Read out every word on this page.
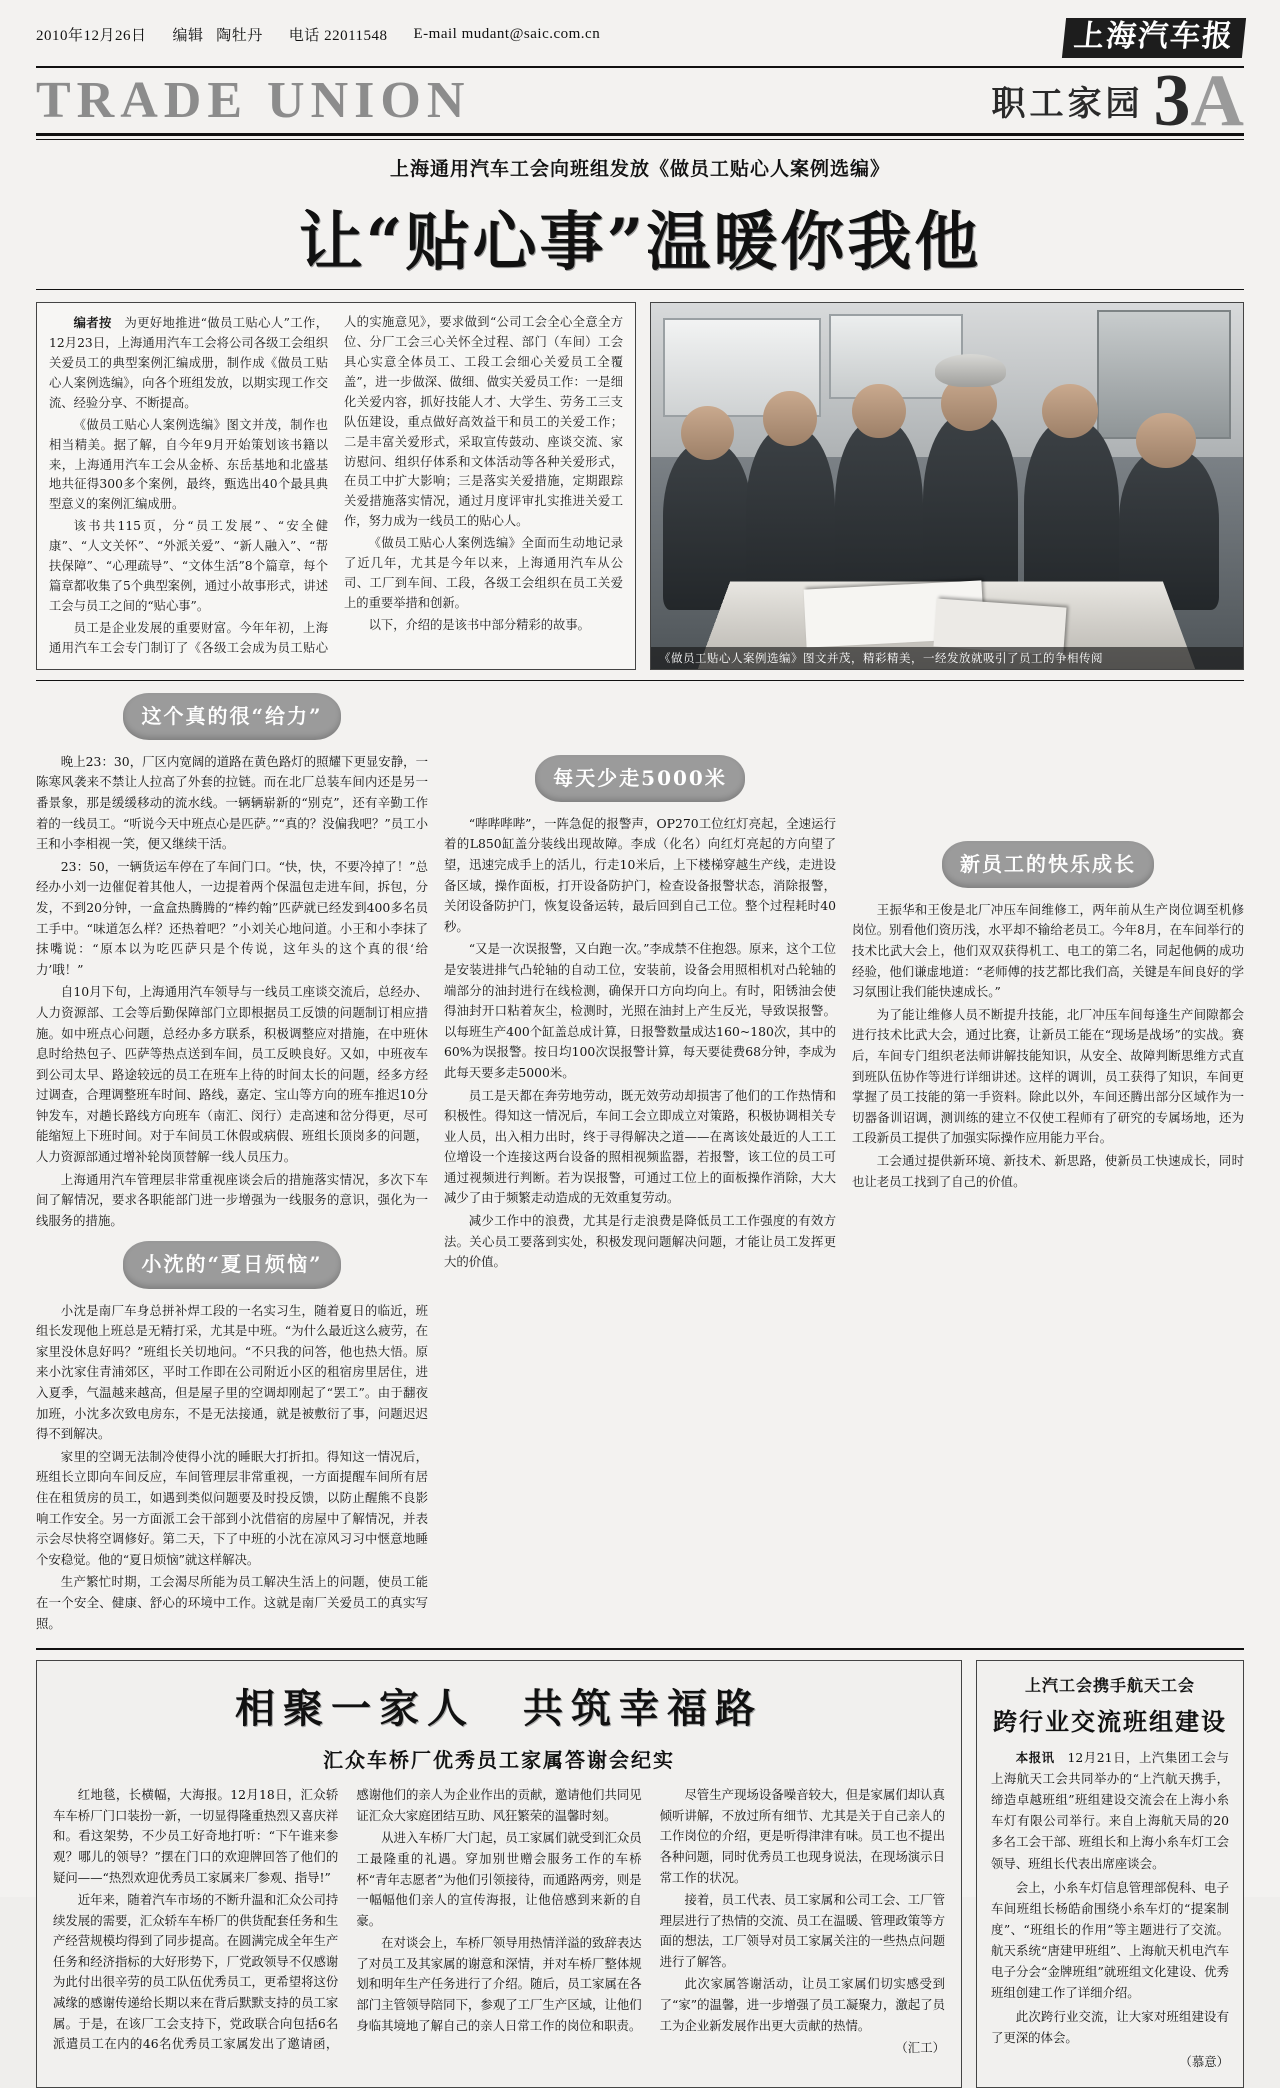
2010年12月26日 编辑 陶牡丹 电话 22011548 E-mail mudant@saic.com.cn	上海汽车报
TRADE UNION	职工家园 3A
上海通用汽车工会向班组发放《做员工贴心人案例选编》
让“贴心事”温暖你我他

编者按　 为更好地推进“做员工贴心人”工作，12月23日，上海通用汽车工会将公司各级工会组织关爱员工的典型案例汇编成册，制作成《做员工贴心人案例选编》，向各个班组发放，以期实现工作交流、经验分享、不断提高。

《做员工贴心人案例选编》图文并茂，制作也相当精美。据了解，自今年9月开始策划该书籍以来，上海通用汽车工会从金桥、东岳基地和北盛基地共征得300多个案例，最终，甄选出40个最具典型意义的案例汇编成册。

该书共115页，分“员工发展”、“安全健康”、“人文关怀”、“外派关爱”、“新人融入”、“帮扶保障”、“心理疏导”、“文体生活”8个篇章，每个篇章都收集了5个典型案例，通过小故事形式，讲述工会与员工之间的“贴心事”。

员工是企业发展的重要财富。今年年初，上海通用汽车工会专门制订了《各级工会成为员工贴心人的实施意见》，要求做到“公司工会全心全意全方位、分厂工会三心关怀全过程、部门（车间）工会具心实意全体员工、工段工会细心关爱员工全覆盖”，进一步做深、做细、做实关爱员工作：一是细化关爱内容，抓好技能人才、大学生、劳务工三支队伍建设，重点做好高效益干和员工的关爱工作；二是丰富关爱形式，采取宣传鼓动、座谈交流、家访慰问、组织仔体系和文体活动等各种关爱形式，在员工中扩大影响；三是落实关爱措施，定期跟踪关爱措施落实情况，通过月度评审扎实推进关爱工作，努力成为一线员工的贴心人。

《做员工贴心人案例选编》全面而生动地记录了近几年，尤其是今年以来，上海通用汽车从公司、工厂到车间、工段，各级工会组织在员工关爱上的重要举措和创新。

以下，介绍的是该书中部分精彩的故事。

《做员工贴心人案例选编》图文并茂，精彩精美，一经发放就吸引了员工的争相传阅
这个真的很“给力”

晚上23：30，厂区内宽阔的道路在黄色路灯的照耀下更显安静，一陈寒风袭来不禁让人拉高了外套的拉链。而在北厂总装车间内还是另一番景象，那是缓缓移动的流水线。一辆辆崭新的“别克”，还有辛勤工作着的一线员工。“听说今天中班点心是匹萨。”“真的？没偏我吧？”员工小王和小李相视一笑，便又继续干活。

23：50，一辆货运车停在了车间门口。“快，快，不要冷掉了！”总经办小刘一边催促着其他人，一边提着两个保温包走进车间，拆包，分发，不到20分钟，一盒盒热腾腾的“棒约翰”匹萨就已经发到400多名员工手中。“味道怎么样？还热着吧？”小刘关心地问道。小王和小李抹了抹嘴说：“原本以为吃匹萨只是个传说，这年头的这个真的很‘给力’哦！”

自10月下旬，上海通用汽车领导与一线员工座谈交流后，总经办、人力资源部、工会等后勤保障部门立即根据员工反馈的问题制订相应措施。如中班点心问题，总经办多方联系，积极调整应对措施，在中班休息时给热包子、匹萨等热点送到车间，员工反映良好。又如，中班夜车到公司太早、路途较远的员工在班车上待的时间太长的问题，经多方经过调查，合理调整班车时间、路线，嘉定、宝山等方向的班车推迟10分钟发车，对趟长路线方向班车（南汇、闵行）走高速和岔分得更，尽可能缩短上下班时间。对于车间员工休假或病假、班组长顶岗多的问题，人力资源部通过增补轮岗顶替解一线人员压力。

上海通用汽车管理层非常重视座谈会后的措施落实情况，多次下车间了解情况，要求各职能部门进一步增强为一线服务的意识，强化为一线服务的措施。

小沈的“夏日烦恼”

小沈是南厂车身总拼补焊工段的一名实习生，随着夏日的临近，班组长发现他上班总是无精打采，尤其是中班。“为什么最近这么疲劳，在家里没休息好吗？”班组长关切地问。“不只我的问答，他也热大悟。原来小沈家住青浦郊区，平时工作即在公司附近小区的租宿房里居住，进入夏季，气温越来越高，但是屋子里的空调却刚起了“罢工”。由于翻夜加班，小沈多次致电房东，不是无法接通，就是被敷衍了事，问题迟迟得不到解决。

家里的空调无法制冷使得小沈的睡眠大打折扣。得知这一情况后，班组长立即向车间反应，车间管理层非常重视，一方面提醒车间所有居住在租赁房的员工，如遇到类似问题要及时投反馈，以防止醒熊不良影响工作安全。另一方面派工会干部到小沈借宿的房屋中了解情况，并表示会尽快将空调修好。第二天，下了中班的小沈在凉风习习中惬意地睡个安稳觉。他的“夏日烦恼”就这样解决。

生产繁忙时期，工会渴尽所能为员工解决生活上的问题，使员工能在一个安全、健康、舒心的环境中工作。这就是南厂关爱员工的真实写照。

每天少走5000米

“哔哔哔哔”，一阵急促的报警声，OP270工位红灯亮起，全速运行着的L850缸盖分装线出现故障。李成（化名）向红灯亮起的方向望了望，迅速完成手上的活儿，行走10米后，上下楼梯穿越生产线，走进设备区域，操作面板，打开设备防护门，检查设备报警状态，消除报警，关闭设备防护门，恢复设备运转，最后回到自己工位。整个过程耗时40秒。

“又是一次误报警，又白跑一次。”李成禁不住抱怨。原来，这个工位是安装进排气凸轮轴的自动工位，安装前，设备会用照相机对凸轮轴的端部分的油封进行在线检测，确保开口方向均向上。有时，阳锈油会使得油封开口粘着灰尘，检测时，光照在油封上产生反光，导致误报警。以每班生产400个缸盖总成计算，日报警数量成达160~180次，其中的60%为误报警。按日均100次误报警计算，每天要徒费68分钟，李成为此每天要多走5000米。

员工是天都在奔劳地劳动，既无效劳动却损害了他们的工作热情和积极性。得知这一情况后，车间工会立即成立对策路，积极协调相关专业人员，出入相力出时，终于寻得解决之道——在离该处最近的人工工位增设一个连接这两台设备的照相视频监器，若报警，该工位的员工可通过视频进行判断。若为误报警，可通过工位上的面板操作消除，大大减少了由于频繁走动造成的无效重复劳动。

减少工作中的浪费，尤其是行走浪费是降低员工工作强度的有效方法。关心员工要落到实处，积极发现问题解决问题，才能让员工发挥更大的价值。

新员工的快乐成长

王振华和王俊是北厂冲压车间维修工，两年前从生产岗位调至机修岗位。别看他们资历浅，水平却不输给老员工。今年8月，在车间举行的技术比武大会上，他们双双获得机工、电工的第二名，同起他俩的成功经验，他们谦虚地道：“老师傅的技艺都比我们高，关键是车间良好的学习氛围让我们能快速成长。”

为了能让维修人员不断提升技能，北厂冲压车间每逢生产间隙都会进行技术比武大会，通过比赛，让新员工能在“现场是战场”的实战。赛后，车间专门组织老法师讲解技能知识，从安全、故障判断思维方式直到班队伍协作等进行详细讲述。这样的调训，员工获得了知识，车间更掌握了员工技能的第一手资料。除此以外，车间还腾出部分区域作为一切器备训诏调，测训练的建立不仅使工程师有了研究的专属场地，还为工段新员工提供了加强实际操作应用能力平台。

工会通过提供新环境、新技术、新思路，使新员工快速成长，同时也让老员工找到了自己的价值。

相聚一家人　共筑幸福路
汇众车桥厂优秀员工家属答谢会纪实

红地毯，长横幅，大海报。12月18日，汇众轿车车桥厂门口装扮一新，一切显得隆重热烈又喜庆祥和。看这架势，不少员工好奇地打听：“下午谁来参观？哪儿的领导？”摆在门口的欢迎牌回答了他们的疑问——“热烈欢迎优秀员工家属来厂参观、指导!”

近年来，随着汽车市场的不断升温和汇众公司持续发展的需要，汇众轿车车桥厂的供货配套任务和生产经营规模均得到了同步提高。在圆满完成全年生产任务和经济指标的大好形势下，厂党政领导不仅感谢为此付出很辛劳的员工队伍优秀员工，更希望将这份减缘的感谢传递给长期以来在背后默默支持的员工家属。于是，在该厂工会支持下，党政联合向包括6名派遣员工在内的46名优秀员工家属发出了邀请函，感谢他们的亲人为企业作出的贡献，邀请他们共同见证汇众大家庭团结互助、风狂繁荣的温馨时刻。

从进入车桥厂大门起，员工家属们就受到汇众员工最隆重的礼遇。穿加别世赠会服务工作的车桥杯“青年志愿者”为他们引领接待，而通路两旁，则是一幅幅他们亲人的宣传海报，让他倍感到来新的自豪。

在对谈会上，车桥厂领导用热情洋溢的致辞表达了对员工及其家属的谢意和深情，并对车桥厂整体规划和明年生产任务进行了介绍。随后，员工家属在各部门主管领导陪同下，参观了工厂生产区域，让他们身临其境地了解自己的亲人日常工作的岗位和职责。

尽管生产现场设备噪音较大，但是家属们却认真倾听讲解，不放过所有细节、尤其是关于自己亲人的工作岗位的介绍，更是听得津津有味。员工也不提出各种问题，同时优秀员工也现身说法，在现场演示日常工作的状况。

接着，员工代表、员工家属和公司工会、工厂管理层进行了热情的交流、员工在温暖、管理政策等方面的想法，工厂领导对员工家属关注的一些热点问题进行了解答。

此次家属答谢活动，让员工家属们切实感受到了“家”的温馨，进一步增强了员工凝聚力，激起了员工为企业新发展作出更大贡献的热情。

（汇工）

上汽工会携手航天工会
跨行业交流班组建设

本报讯　 12月21日，上汽集团工会与上海航天工会共同举办的“上汽航天携手，缔造卓越班组”班组建设交流会在上海小糸车灯有限公司举行。来自上海航天局的20多名工会干部、班组长和上海小糸车灯工会领导、班组长代表出席座谈会。

会上，小糸车灯信息管理部倪科、电子车间班组长杨皓俞围绕小糸车灯的“提案制度”、“班组长的作用”等主题进行了交流。航天系统“唐建甲班组”、上海航天机电汽车电子分会“金牌班组”就班组文化建设、优秀班组创建工作了详细介绍。

此次跨行业交流，让大家对班组建设有了更深的体会。

（慕意）
